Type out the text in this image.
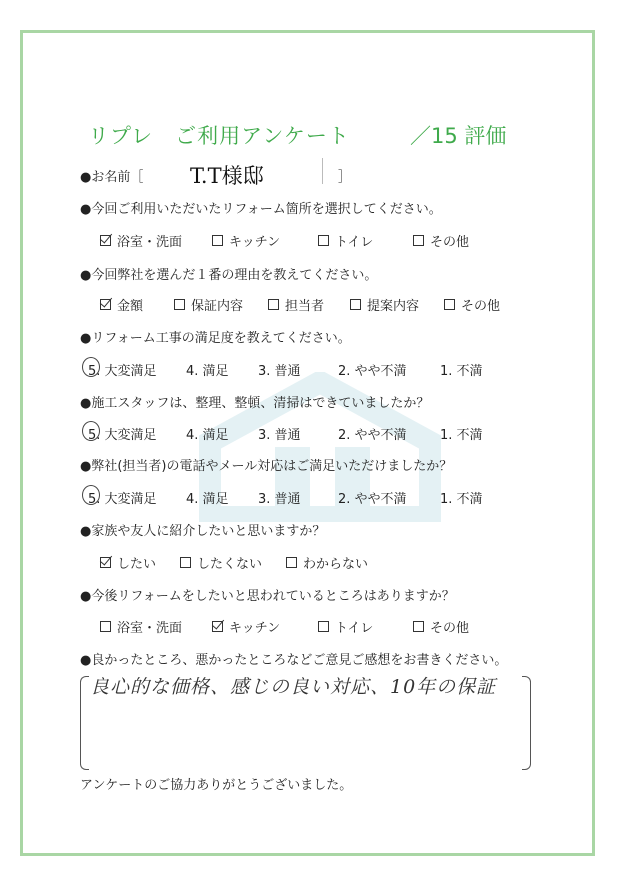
リプレ　ご利用アンケート	／15 評価
●お名前［ T.T様邸	］
●今回ご利用いただいたリフォーム箇所を選択してください。
浴室・洗面	キッチン	トイレ	その他
●今回弊社を選んだ１番の理由を教えてください。
金額	保証内容	担当者	提案内容	その他
●リフォーム工事の満足度を教えてください。
5. 大変満足 4. 満足 3. 普通	2. やや不満	1. 不満
●施工スタッフは、整理、整頓、清掃はできていましたか？
5. 大変満足 4. 満足 3. 普通	2. やや不満	1. 不満
●弊社(担当者)の電話やメール対応はご満足いただけましたか？
5. 大変満足 4. 満足 3. 普通	2. やや不満	1. 不満
●家族や友人に紹介したいと思いますか？
したい	したくない	わからない
●今後リフォームをしたいと思われているところはありますか？
浴室・洗面	キッチン	トイレ	その他
●良かったところ、悪かったところなどご意見ご感想をお書きください。
良心的な価格、感じの良い対応、10年の保証
アンケートのご協力ありがとうございました。
